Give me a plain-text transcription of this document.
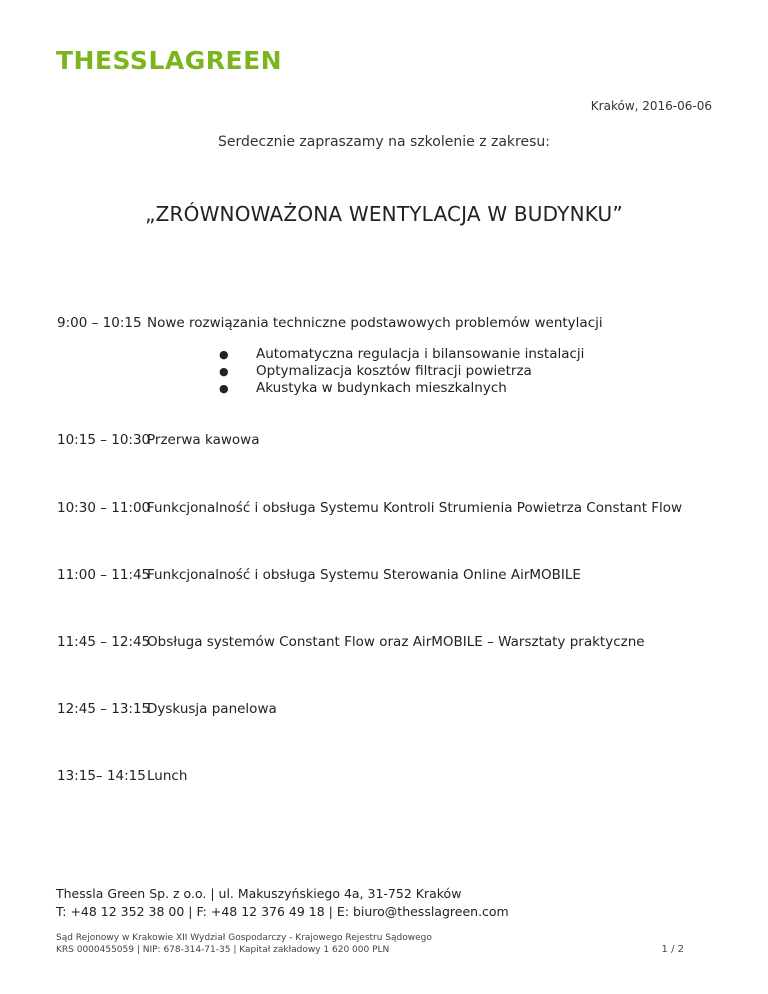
THESSLAGREEN
Kraków, 2016-06-06
Serdecznie zapraszamy na szkolenie z zakresu:
„ZRÓWNOWAŻONA WENTYLACJA W BUDYNKU”
9:00 – 10:15 Nowe rozwiązania techniczne podstawowych problemów wentylacji
● Automatyczna regulacja i bilansowanie instalacji
● Optymalizacja kosztów filtracji powietrza
● Akustyka w budynkach mieszkalnych
10:15 – 10:30
Przerwa kawowa
10:30 – 11:00
Funkcjonalność i obsługa Systemu Kontroli Strumienia Powietrza Constant Flow
11:00 – 11:45
Funkcjonalność i obsługa Systemu Sterowania Online AirMOBILE
11:45 – 12:45
Obsługa systemów Constant Flow oraz AirMOBILE – Warsztaty praktyczne
12:45 – 13:15
Dyskusja panelowa
13:15– 14:15 Lunch
Thessla Green Sp. z o.o. | ul. Makuszyńskiego 4a, 31-752 Kraków
T: +48 12 352 38 00 | F: +48 12 376 49 18 | E: biuro@thesslagreen.com
Sąd Rejonowy w Krakowie XII Wydział Gospodarczy - Krajowego Rejestru Sądowego
KRS 0000455059 | NIP: 678-314-71-35 | Kapitał zakładowy 1 620 000 PLN	1 / 2
